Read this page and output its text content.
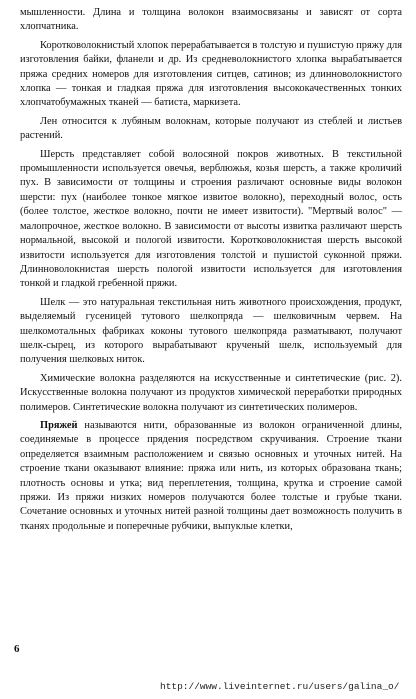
мышленности. Длина и толщина волокон взаимосвязаны и зависят от сорта хлопчатника.

Коротковолокнистый хлопок перерабатывается в толстую и пушистую пряжу для изготовления байки, фланели и др. Из средневолокнистого хлопка вырабатывается пряжа средних номеров для изготовления ситцев, сатинов; из длинноволокнистого хлопка — тонкая и гладкая пряжа для изготовления высококачественных тонких хлопчатобумажных тканей — батиста, маркизета.

Лен относится к лубяным волокнам, которые получают из стеблей и листьев растений.

Шерсть представляет собой волосяной покров животных. В текстильной промышленности используется овечья, верблюжья, козья шерсть, а также кроличий пух. В зависимости от толщины и строения различают основные виды волокон шерсти: пух (наиболее тонкое мягкое извитое волокно), переходный волос, ость (более толстое, жесткое волокно, почти не имеет извитости). "Мертвый волос" — малопрочное, жесткое волокно. В зависимости от высоты извитка различают шерсть нормальной, высокой и пологой извитости. Коротковолокнистая шерсть высокой извитости используется для изготовления толстой и пушистой суконной пряжи. Длинноволокнистая шерсть пологой извитости используется для изготовления тонкой и гладкой гребенной пряжи.

Шелк — это натуральная текстильная нить животного происхождения, продукт, выделяемый гусеницей тутового шелкопряда — шелковичным червем. На шелкомотальных фабриках коконы тутового шелкопряда разматывают, получают шелк-сырец, из которого вырабатывают крученый шелк, используемый для получения шелковых ниток.

Химические волокна разделяются на искусственные и синтетические (рис. 2). Искусственные волокна получают из продуктов химической переработки природных полимеров. Синтетические волокна получают из синтетических полимеров.

Пряжей называются нити, образованные из волокон ограниченной длины, соединяемые в процессе прядения посредством скручивания. Строение ткани определяется взаимным расположением и связью основных и уточных нитей. На строение ткани оказывают влияние: пряжа или нить, из которых образована ткань; плотность основы и утка; вид переплетения, толщина, крутка и строение самой пряжи. Из пряжи низких номеров получаются более толстые и грубые ткани. Сочетание основных и уточных нитей разной толщины дает возможность получить в тканях продольные и поперечные рубчики, выпуклые клетки,

6
http://www.liveinternet.ru/users/galina_o/
